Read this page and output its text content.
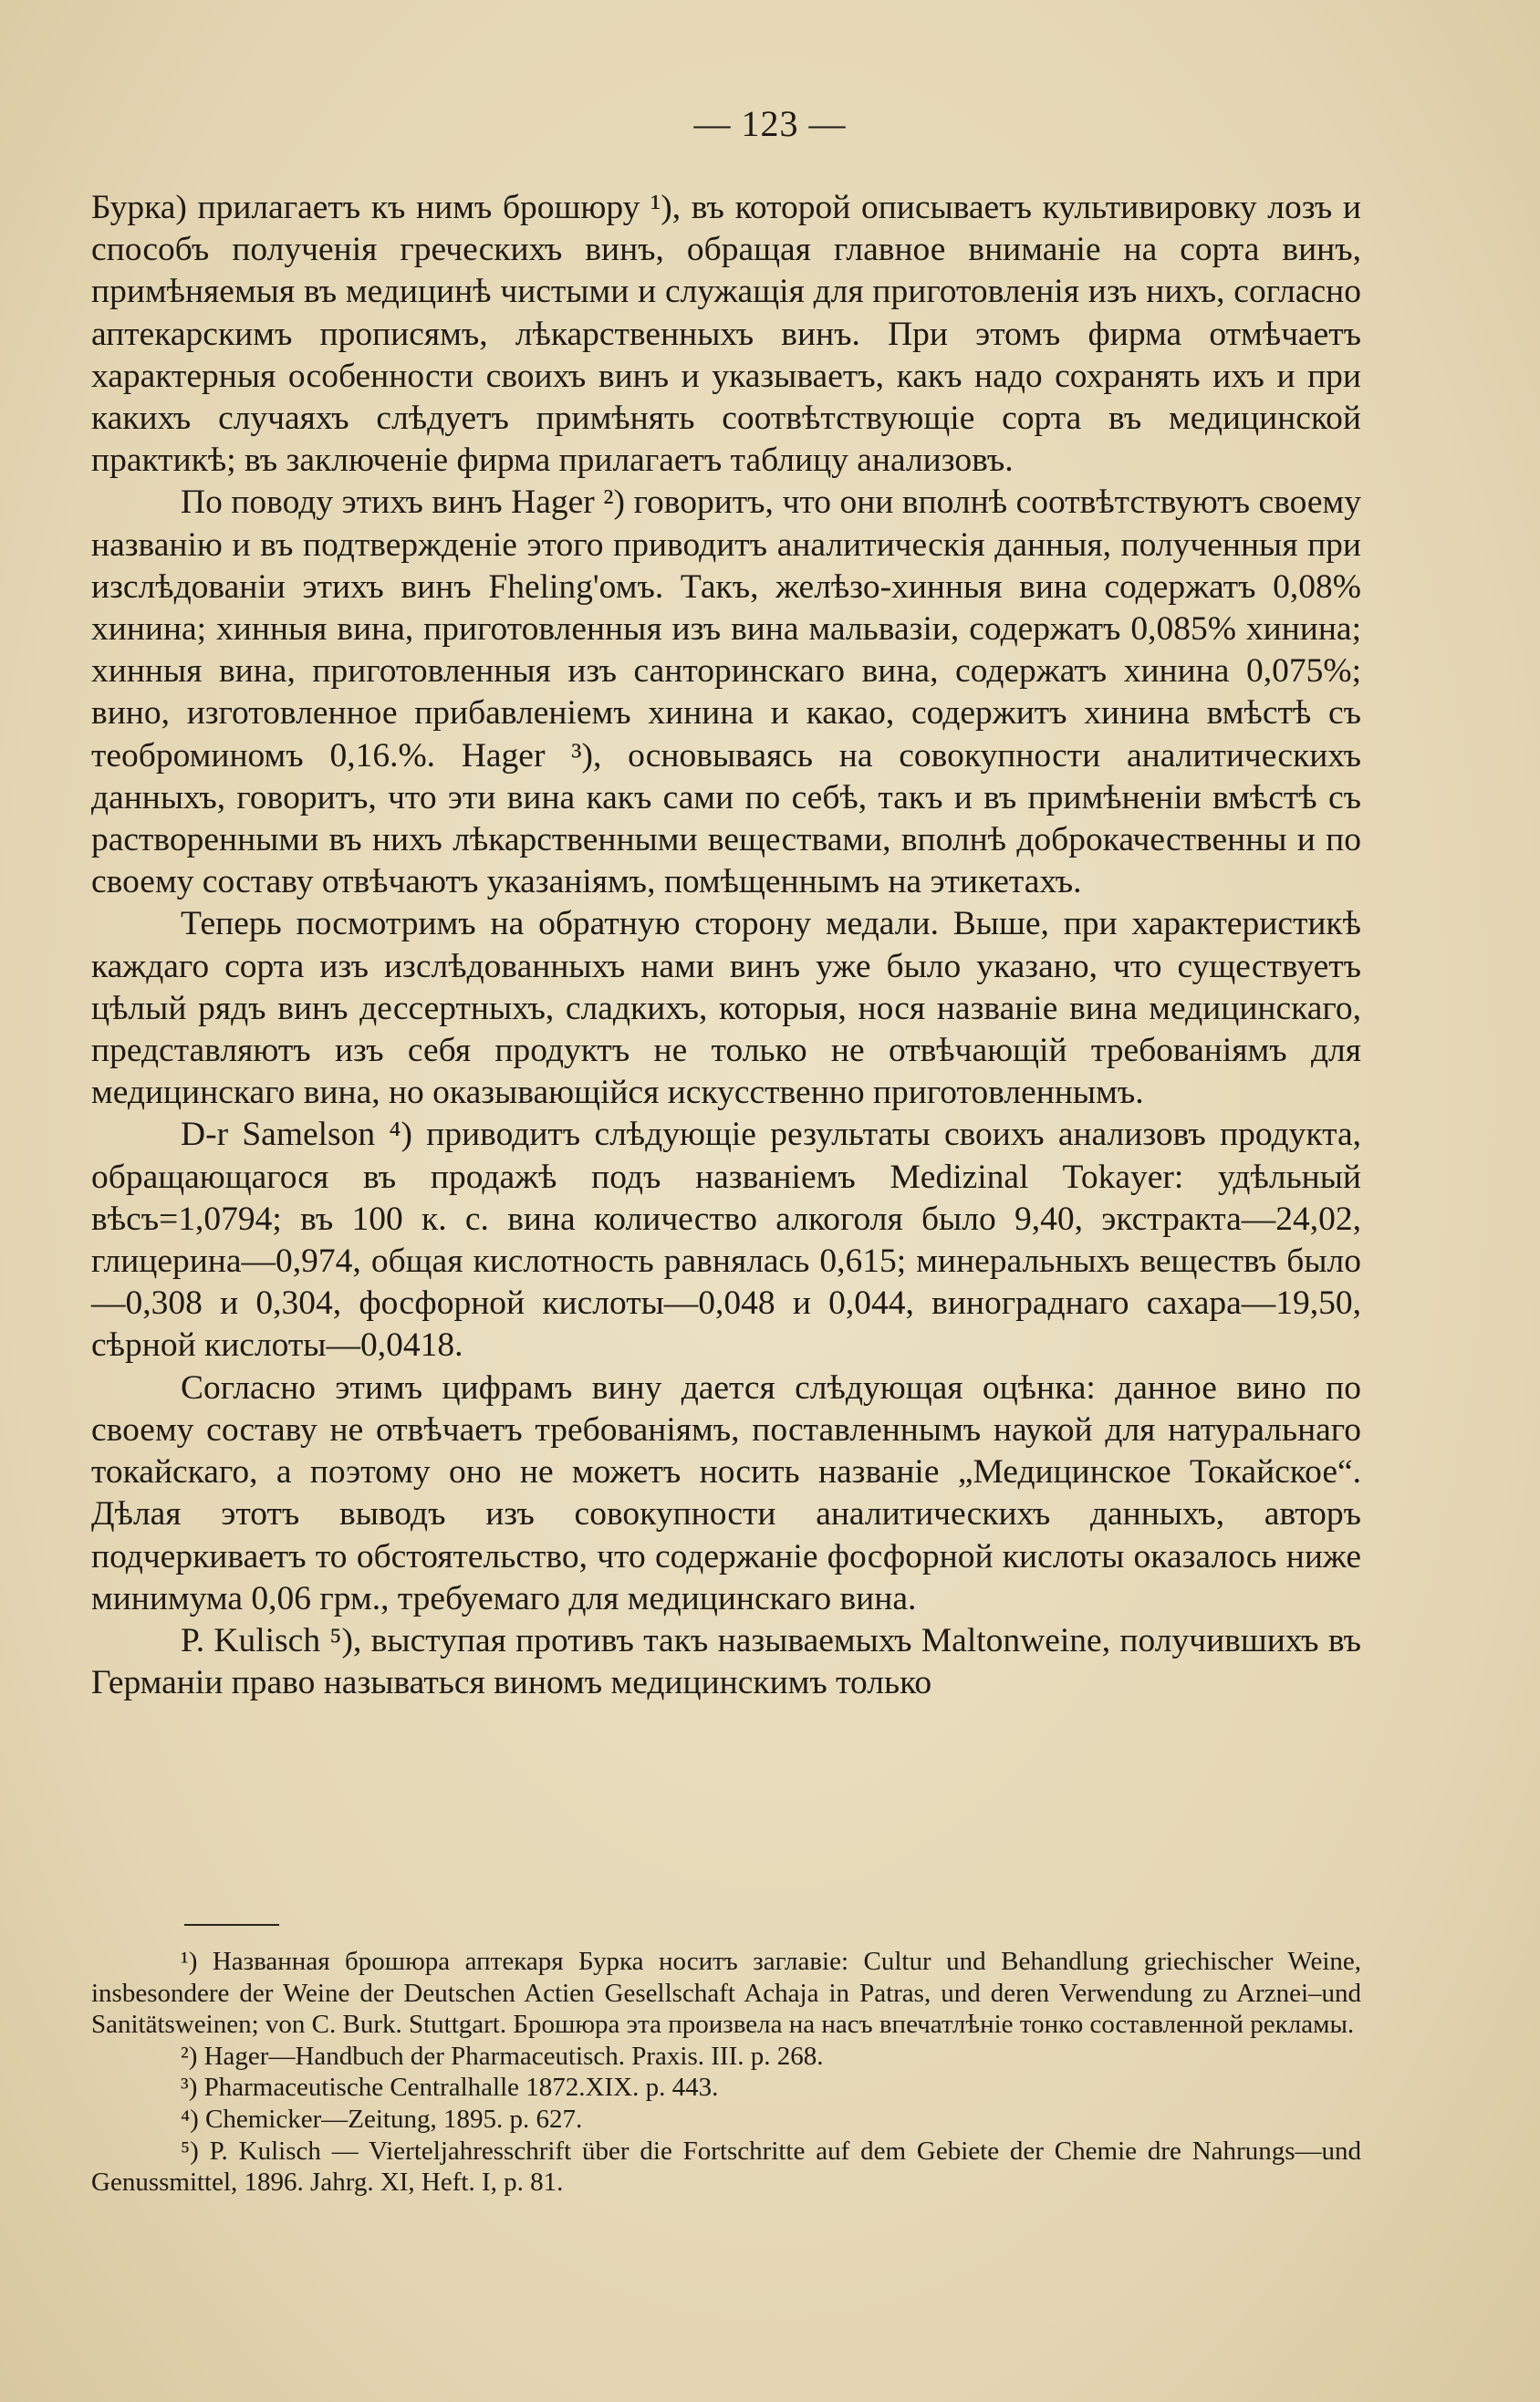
— 123 —

Бурка) прилагаетъ къ нимъ брошюру ¹), въ которой описываетъ культивировку лозъ и способъ полученія греческихъ винъ, обращая главное вниманіе на сорта винъ, примѣняемыя въ медицинѣ чистыми и служащія для приготовленія изъ нихъ, согласно аптекарскимъ прописямъ, лѣкарственныхъ винъ. При этомъ фирма отмѣчаетъ характерныя особенности своихъ винъ и указываетъ, какъ надо сохранять ихъ и при какихъ случаяхъ слѣдуетъ примѣнять соотвѣтствующіе сорта въ медицинской практикѣ; въ заключеніе фирма прилагаетъ таблицу анализовъ.

По поводу этихъ винъ Hager ²) говоритъ, что они вполнѣ соотвѣтствуютъ своему названію и въ подтвержденіе этого приводитъ аналитическія данныя, полученныя при изслѣдованіи этихъ винъ Fheling'омъ. Такъ, желѣзо-хинныя вина содержатъ 0,08% хинина; хинныя вина, приготовленныя изъ вина мальвазіи, содержатъ 0,085% хинина; хинныя вина, приготовленныя изъ санторинскаго вина, содержатъ хинина 0,075%; вино, изготовленное прибавленіемъ хинина и какао, содержитъ хинина вмѣстѣ съ теоброминомъ 0,16.%. Hager ³), основываясь на совокупности аналитическихъ данныхъ, говоритъ, что эти вина какъ сами по себѣ, такъ и въ примѣненіи вмѣстѣ съ растворенными въ нихъ лѣкарственными веществами, вполнѣ доброкачественны и по своему составу отвѣчаютъ указаніямъ, помѣщеннымъ на этикетахъ.

Теперь посмотримъ на обратную сторону медали. Выше, при характеристикѣ каждаго сорта изъ изслѣдованныхъ нами винъ уже было указано, что существуетъ цѣлый рядъ винъ дессертныхъ, сладкихъ, которыя, нося названіе вина медицинскаго, представляютъ изъ себя продуктъ не только не отвѣчающій требованіямъ для медицинскаго вина, но оказывающійся искусственно приготовленнымъ.

D-r Samelson ⁴) приводитъ слѣдующіе результаты своихъ анализовъ продукта, обращающагося въ продажѣ подъ названіемъ Medizinal Tokayer: удѣльный вѣсъ=1,0794; въ 100 к. с. вина количество алкоголя было 9,40, экстракта—24,02, глицерина—0,974, общая кислотность равнялась 0,615; минеральныхъ веществъ было—0,308 и 0,304, фосфорной кислоты—0,048 и 0,044, винограднаго сахара—19,50, сѣрной кислоты—0,0418.

Согласно этимъ цифрамъ вину дается слѣдующая оцѣнка: данное вино по своему составу не отвѣчаетъ требованіямъ, поставленнымъ наукой для натуральнаго токайскаго, а поэтому оно не можетъ носить названіе „Медицинское Токайское“. Дѣлая этотъ выводъ изъ совокупности аналитическихъ данныхъ, авторъ подчеркиваетъ то обстоятельство, что содержаніе фосфорной кислоты оказалось ниже минимума 0,06 грм., требуемаго для медицинскаго вина.

P. Kulisch ⁵), выступая противъ такъ называемыхъ Maltonweine, получившихъ въ Германіи право называться виномъ медицинскимъ только

¹) Названная брошюра аптекаря Бурка носитъ заглавіе: Cultur und Behandlung griechischer Weine, insbesondere der Weine der Deutschen Actien Gesellschaft Achaja in Patras, und deren Verwendung zu Arznei–und Sanitätsweinen; von C. Burk. Stuttgart. Брошюра эта произвела на насъ впечатлѣніе тонко составленной рекламы.

²) Hager—Handbuch der Pharmaceutisch. Praxis. III. p. 268.

³) Pharmaceutische Centralhalle 1872.XIX. p. 443.

⁴) Chemicker—Zeitung, 1895. p. 627.

⁵) P. Kulisch — Vierteljahresschrift über die Fortschritte auf dem Gebiete der Chemie dre Nahrungs—und Genussmittel, 1896. Jahrg. XI, Heft. I, p. 81.
